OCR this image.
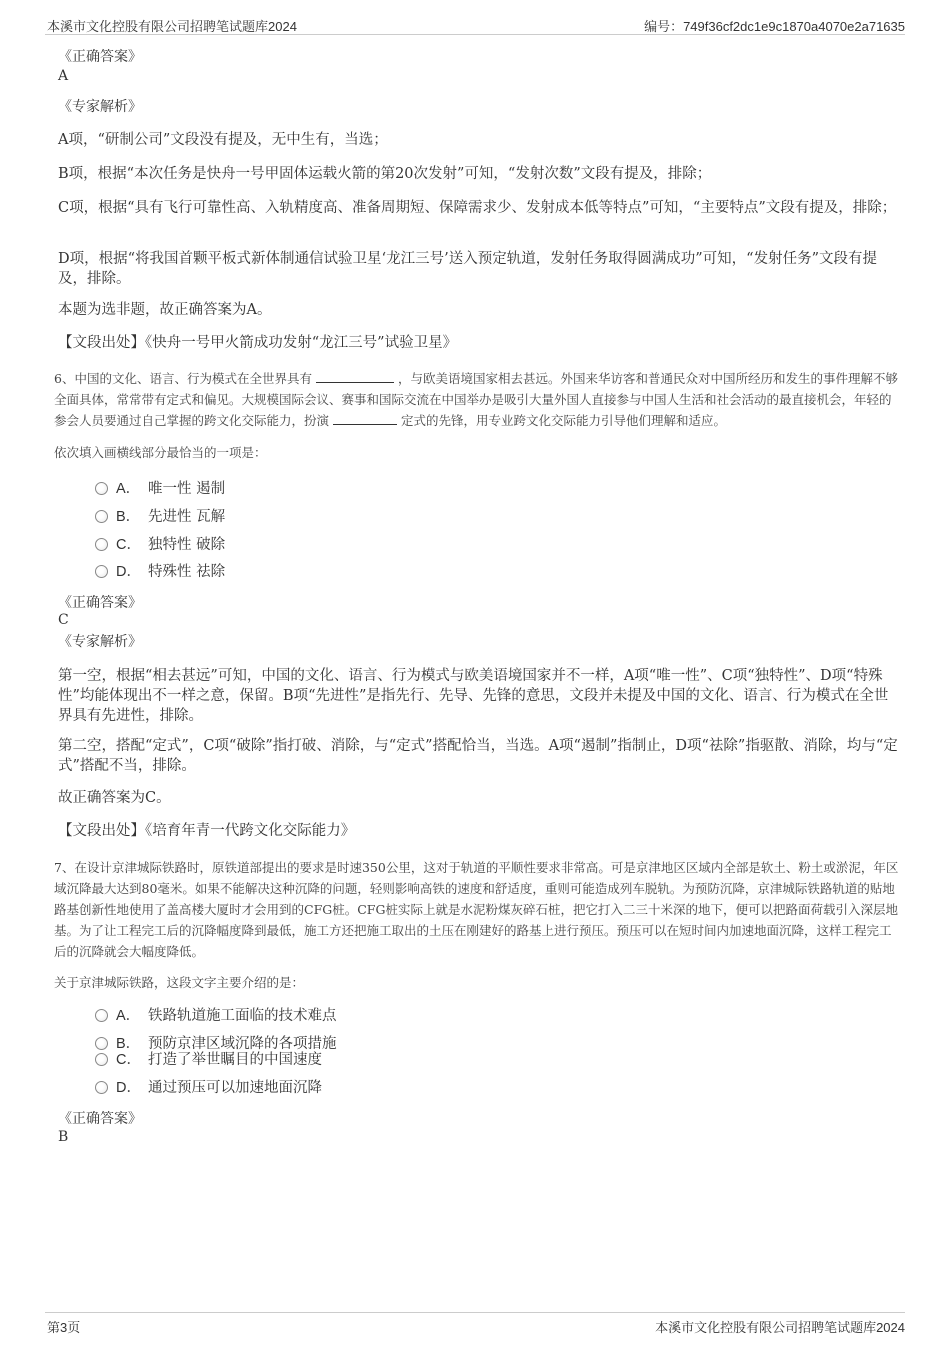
本溪市文化控股有限公司招聘笔试题库2024	编号：749f36cf2dc1e9c1870a4070e2a71635
《正确答案》
A
《专家解析》
A项，“研制公司”文段没有提及，无中生有，当选；
B项，根据“本次任务是快舟一号甲固体运载火箭的第20次发射”可知，“发射次数”文段有提及，排除；
C项，根据“具有飞行可靠性高、入轨精度高、准备周期短、保障需求少、发射成本低等特点”可知，“主要特点”文段有提及，排除；
D项，根据“将我国首颗平板式新体制通信试验卫星‘龙江三号’送入预定轨道，发射任务取得圆满成功”可知，“发射任务”文段有提及，排除。
本题为选非题，故正确答案为A。
【文段出处】《快舟一号甲火箭成功发射“龙江三号”试验卫星》
6、中国的文化、语言、行为模式在全世界具有	，与欧美语境国家相去甚远。外国来华访客和普通民众对中国所经历和发生的事件理解不够全面具体，常常带有定式和偏见。大规模国际会议、赛事和国际交流在中国举办是吸引大量外国人直接参与中国人生活和社会活动的最直接机会，年轻的参会人员要通过自己掌握的跨文化交际能力，扮演	定式的先锋，用专业跨文化交际能力引导他们理解和适应。
依次填入画横线部分最恰当的一项是：
A． 唯一性 遏制
B． 先进性 瓦解
C． 独特性 破除
D． 特殊性 祛除
《正确答案》
C
《专家解析》
第一空，根据“相去甚远”可知，中国的文化、语言、行为模式与欧美语境国家并不一样，A项“唯一性”、C项“独特性”、D项“特殊性”均能体现出不一样之意，保留。B项“先进性”是指先行、先导、先锋的意思，文段并未提及中国的文化、语言、行为模式在全世界具有先进性，排除。
第二空，搭配“定式”，C项“破除”指打破、消除，与“定式”搭配恰当，当选。A项“遏制”指制止，D项“祛除”指驱散、消除，均与“定式”搭配不当，排除。
故正确答案为C。
【文段出处】《培育年青一代跨文化交际能力》
7、在设计京津城际铁路时，原铁道部提出的要求是时速350公里，这对于轨道的平顺性要求非常高。可是京津地区区域内全部是软土、粉土或淤泥，年区域沉降最大达到80毫米。如果不能解决这种沉降的问题，轻则影响高铁的速度和舒适度，重则可能造成列车脱轨。为预防沉降，京津城际铁路轨道的贴地路基创新性地使用了盖高楼大厦时才会用到的CFG桩。CFG桩实际上就是水泥粉煤灰碎石桩，把它打入二三十米深的地下，便可以把路面荷载引入深层地基。为了让工程完工后的沉降幅度降到最低，施工方还把施工取出的土压在刚建好的路基上进行预压。预压可以在短时间内加速地面沉降，这样工程完工后的沉降就会大幅度降低。
关于京津城际铁路，这段文字主要介绍的是：
A． 铁路轨道施工面临的技术难点
B． 预防京津区域沉降的各项措施
C． 打造了举世瞩目的中国速度
D． 通过预压可以加速地面沉降
《正确答案》
B
第3页	本溪市文化控股有限公司招聘笔试题库2024
